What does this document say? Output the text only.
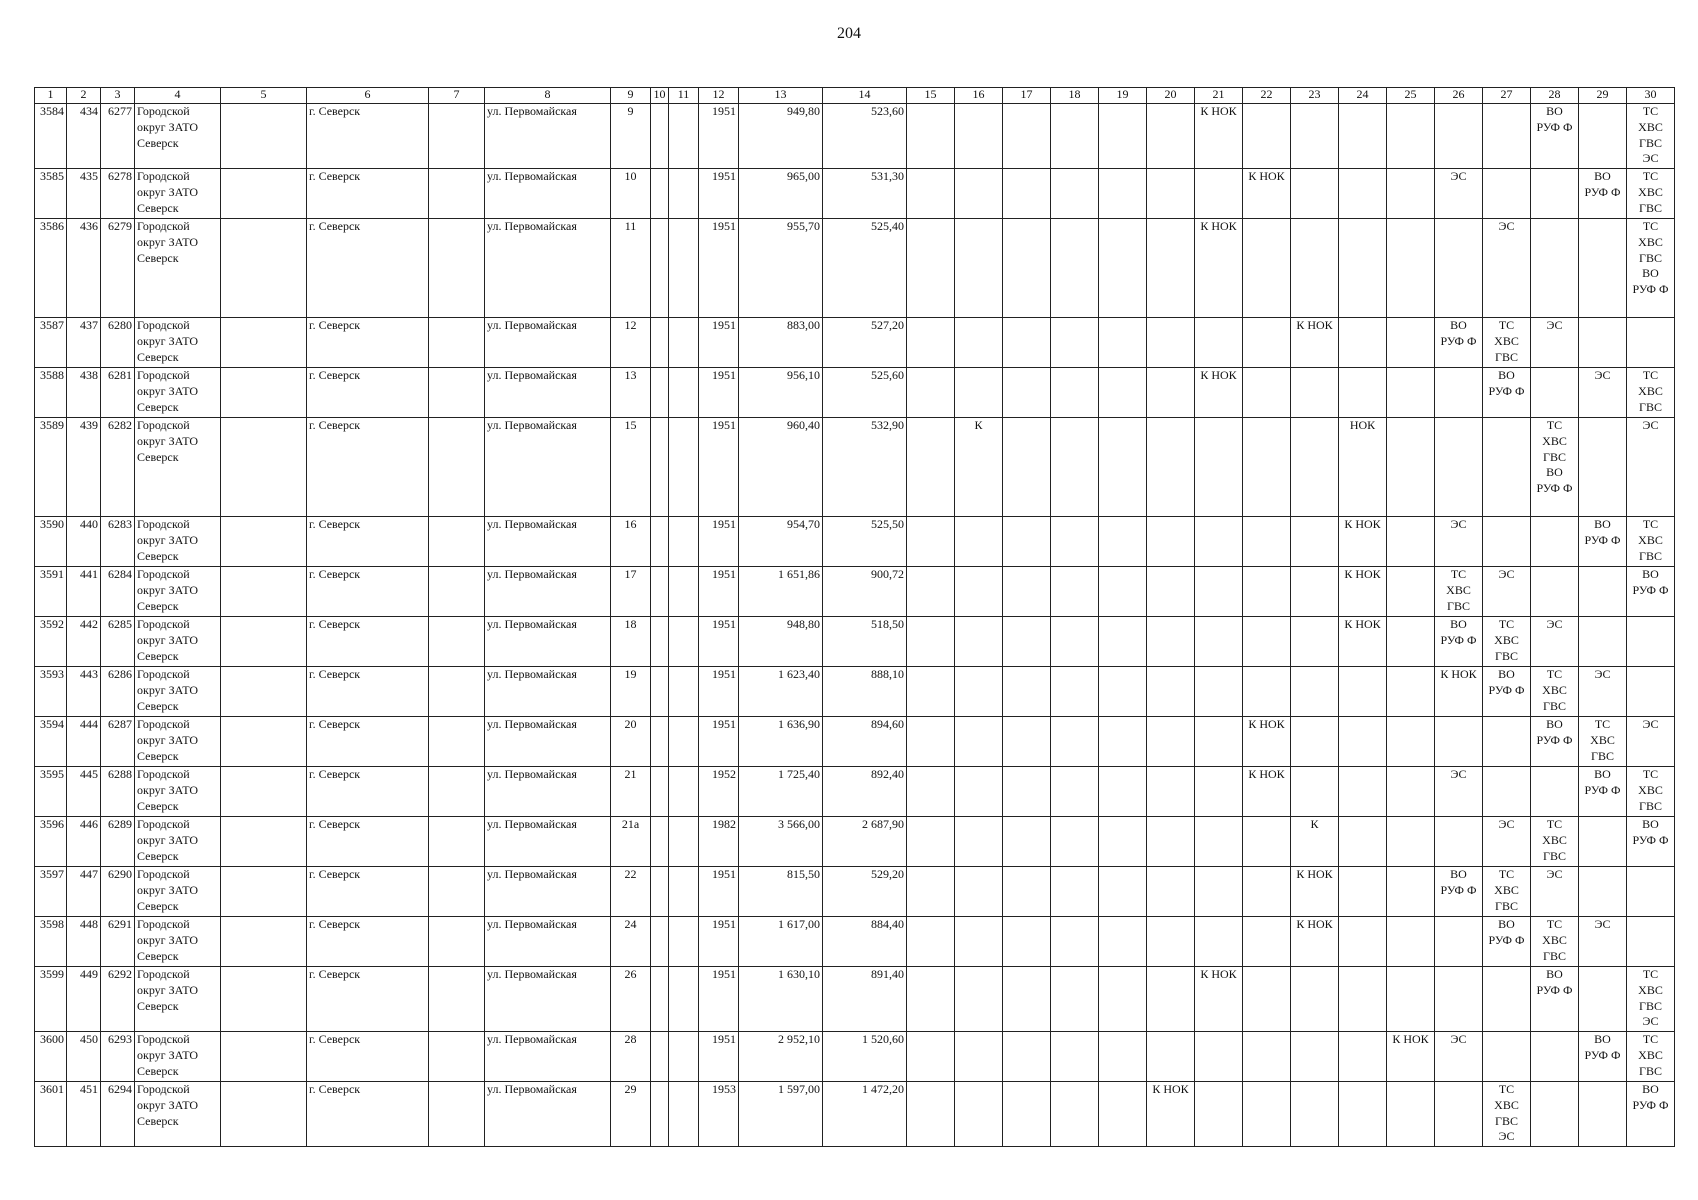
204
1	2	3	4	5	6	7	8	9	10	11	12	13	14	15	16	17	18	19	20	21	22	23	24	25	26	27	28	29	30
3584	434	6277	Городской
округ ЗАТО
Северск		г. Северск		ул. Первомайская	9			1951	949,80	523,60							К НОК							ВО
РУФ Ф		ТС
ХВС
ГВС
ЭС
3585	435	6278	Городской
округ ЗАТО
Северск		г. Северск		ул. Первомайская	10			1951	965,00	531,30								К НОК				ЭС			ВО
РУФ Ф	ТС
ХВС
ГВС
3586	436	6279	Городской
округ ЗАТО
Северск		г. Северск		ул. Первомайская	11			1951	955,70	525,40							К НОК						ЭС			ТС
ХВС
ГВС
ВО
РУФ Ф
3587	437	6280	Городской
округ ЗАТО
Северск		г. Северск		ул. Первомайская	12			1951	883,00	527,20									К НОК			ВО
РУФ Ф	ТС
ХВС
ГВС	ЭС		
3588	438	6281	Городской
округ ЗАТО
Северск		г. Северск		ул. Первомайская	13			1951	956,10	525,60							К НОК						ВО
РУФ Ф		ЭС	ТС
ХВС
ГВС
3589	439	6282	Городской
округ ЗАТО
Северск		г. Северск		ул. Первомайская	15			1951	960,40	532,90		К								НОК				ТС
ХВС
ГВС
ВО
РУФ Ф		ЭС
3590	440	6283	Городской
округ ЗАТО
Северск		г. Северск		ул. Первомайская	16			1951	954,70	525,50										К НОК		ЭС			ВО
РУФ Ф	ТС
ХВС
ГВС
3591	441	6284	Городской
округ ЗАТО
Северск		г. Северск		ул. Первомайская	17			1951	1 651,86	900,72										К НОК		ТС
ХВС
ГВС	ЭС			ВО
РУФ Ф
3592	442	6285	Городской
округ ЗАТО
Северск		г. Северск		ул. Первомайская	18			1951	948,80	518,50										К НОК		ВО
РУФ Ф	ТС
ХВС
ГВС	ЭС		
3593	443	6286	Городской
округ ЗАТО
Северск		г. Северск		ул. Первомайская	19			1951	1 623,40	888,10												К НОК	ВО
РУФ Ф	ТС
ХВС
ГВС	ЭС	
3594	444	6287	Городской
округ ЗАТО
Северск		г. Северск		ул. Первомайская	20			1951	1 636,90	894,60								К НОК						ВО
РУФ Ф	ТС
ХВС
ГВС	ЭС
3595	445	6288	Городской
округ ЗАТО
Северск		г. Северск		ул. Первомайская	21			1952	1 725,40	892,40								К НОК				ЭС			ВО
РУФ Ф	ТС
ХВС
ГВС
3596	446	6289	Городской
округ ЗАТО
Северск		г. Северск		ул. Первомайская	21а			1982	3 566,00	2 687,90									К				ЭС	ТС
ХВС
ГВС		ВО
РУФ Ф
3597	447	6290	Городской
округ ЗАТО
Северск		г. Северск		ул. Первомайская	22			1951	815,50	529,20									К НОК			ВО
РУФ Ф	ТС
ХВС
ГВС	ЭС		
3598	448	6291	Городской
округ ЗАТО
Северск		г. Северск		ул. Первомайская	24			1951	1 617,00	884,40									К НОК				ВО
РУФ Ф	ТС
ХВС
ГВС	ЭС	
3599	449	6292	Городской
округ ЗАТО
Северск		г. Северск		ул. Первомайская	26			1951	1 630,10	891,40							К НОК							ВО
РУФ Ф		ТС
ХВС
ГВС
ЭС
3600	450	6293	Городской
округ ЗАТО
Северск		г. Северск		ул. Первомайская	28			1951	2 952,10	1 520,60											К НОК	ЭС			ВО
РУФ Ф	ТС
ХВС
ГВС
3601	451	6294	Городской
округ ЗАТО
Северск		г. Северск		ул. Первомайская	29			1953	1 597,00	1 472,20						К НОК							ТС
ХВС
ГВС
ЭС			ВО
РУФ Ф
